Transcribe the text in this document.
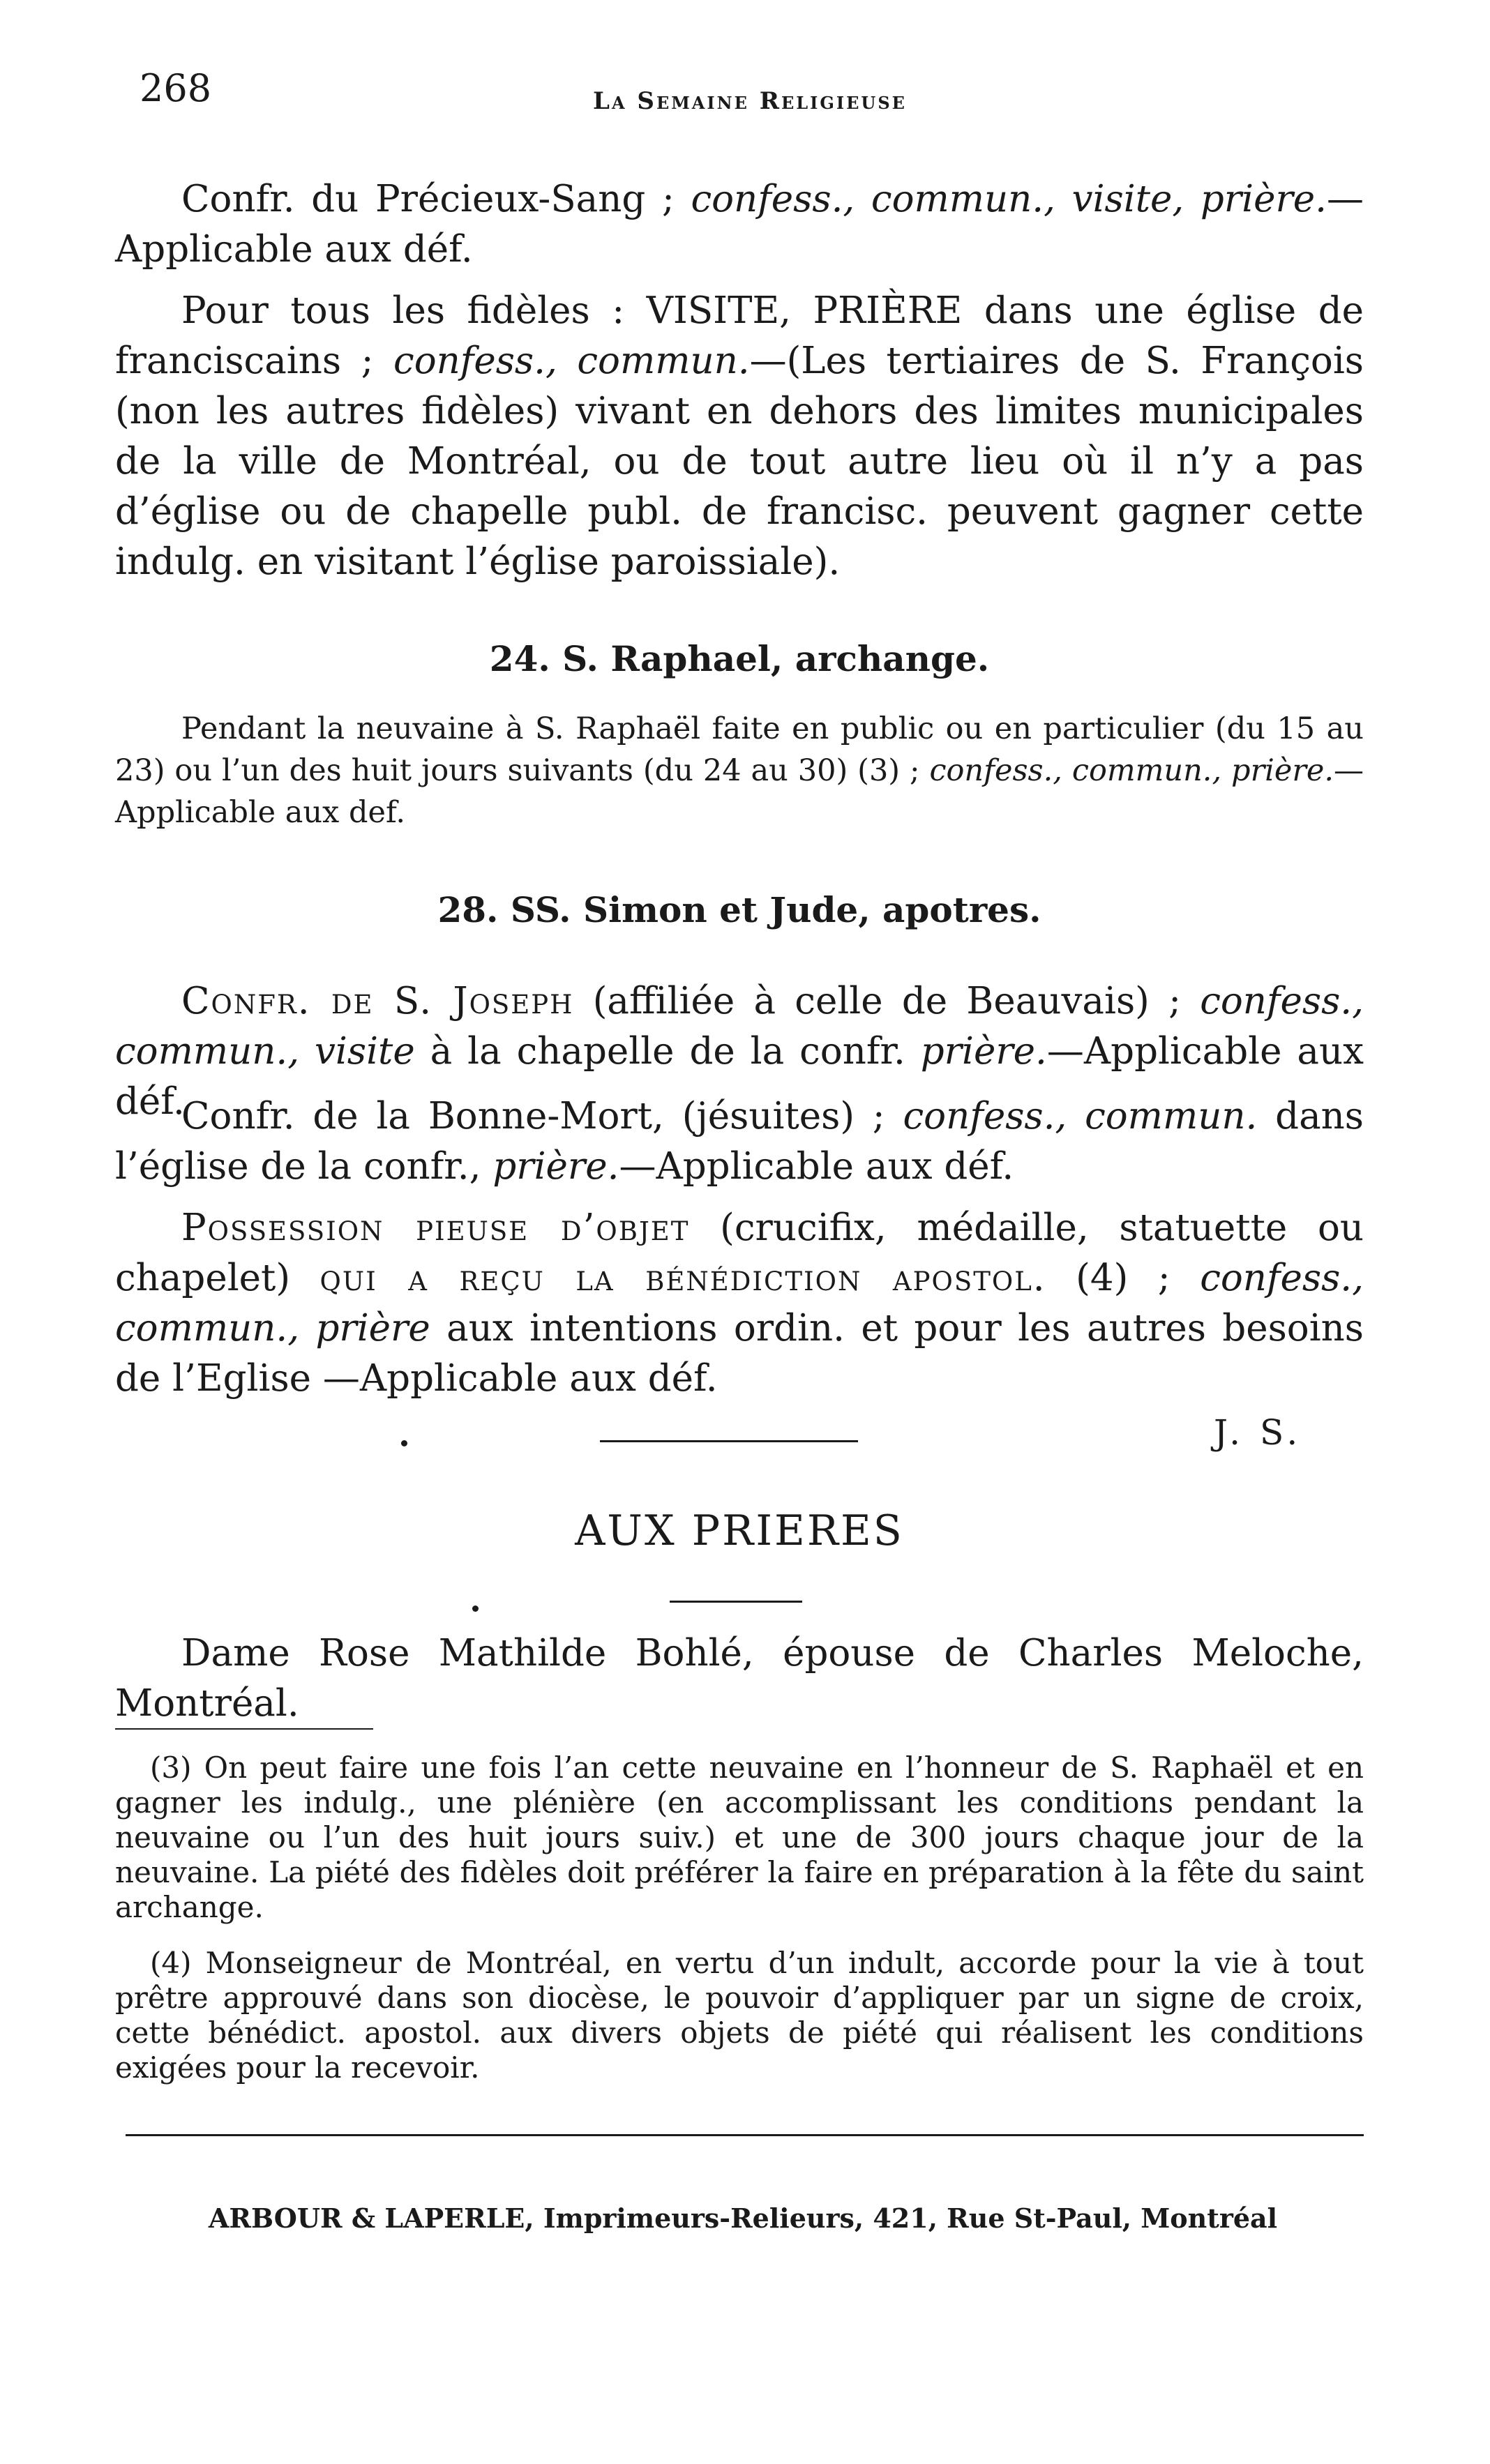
268	La Semaine Religieuse

Confr. du Précieux-Sang ; confess., commun., visite, prière.—Applicable aux déf.

Pour tous les fidèles : VISITE, PRIÈRE dans une église de franciscains ; confess., commun.—(Les tertiaires de S. François (non les autres fidèles) vivant en dehors des limites municipales de la ville de Montréal, ou de tout autre lieu où il n’y a pas d’église ou de chapelle publ. de francisc. peuvent gagner cette indulg. en visitant l’église paroissiale).

24. S. Raphael, archange.

Pendant la neuvaine à S. Raphaël faite en public ou en particulier (du 15 au 23) ou l’un des huit jours suivants (du 24 au 30) (3) ; confess., commun., prière.—Applicable aux def.

28. SS. Simon et Jude, apotres.

Confr. de S. Joseph (affiliée à celle de Beauvais) ; confess., commun., visite à la chapelle de la confr. prière.—Applicable aux déf.

Confr. de la Bonne-Mort, (jésuites) ; confess., commun. dans l’église de la confr., prière.—Applicable aux déf.

Possession pieuse d’objet (crucifix, médaille, statuette ou chapelet) qui a reçu la bénédiction apostol. (4) ; confess., commun., prière aux intentions ordin. et pour les autres besoins de l’Eglise —Applicable aux déf.

J. S.
AUX PRIERES

Dame Rose Mathilde Bohlé, épouse de Charles Meloche, Montréal.

(3) On peut faire une fois l’an cette neuvaine en l’honneur de S. Raphaël et en gagner les indulg., une plénière (en accomplissant les conditions pendant la neuvaine ou l’un des huit jours suiv.) et une de 300 jours chaque jour de la neuvaine. La piété des fidèles doit préférer la faire en préparation à la fête du saint archange.

(4) Monseigneur de Montréal, en vertu d’un indult, accorde pour la vie à tout prêtre approuvé dans son diocèse, le pouvoir d’appliquer par un signe de croix, cette bénédict. apostol. aux divers objets de piété qui réalisent les conditions exigées pour la recevoir.

ARBOUR & LAPERLE, Imprimeurs-Relieurs, 421, Rue St-Paul, Montréal
